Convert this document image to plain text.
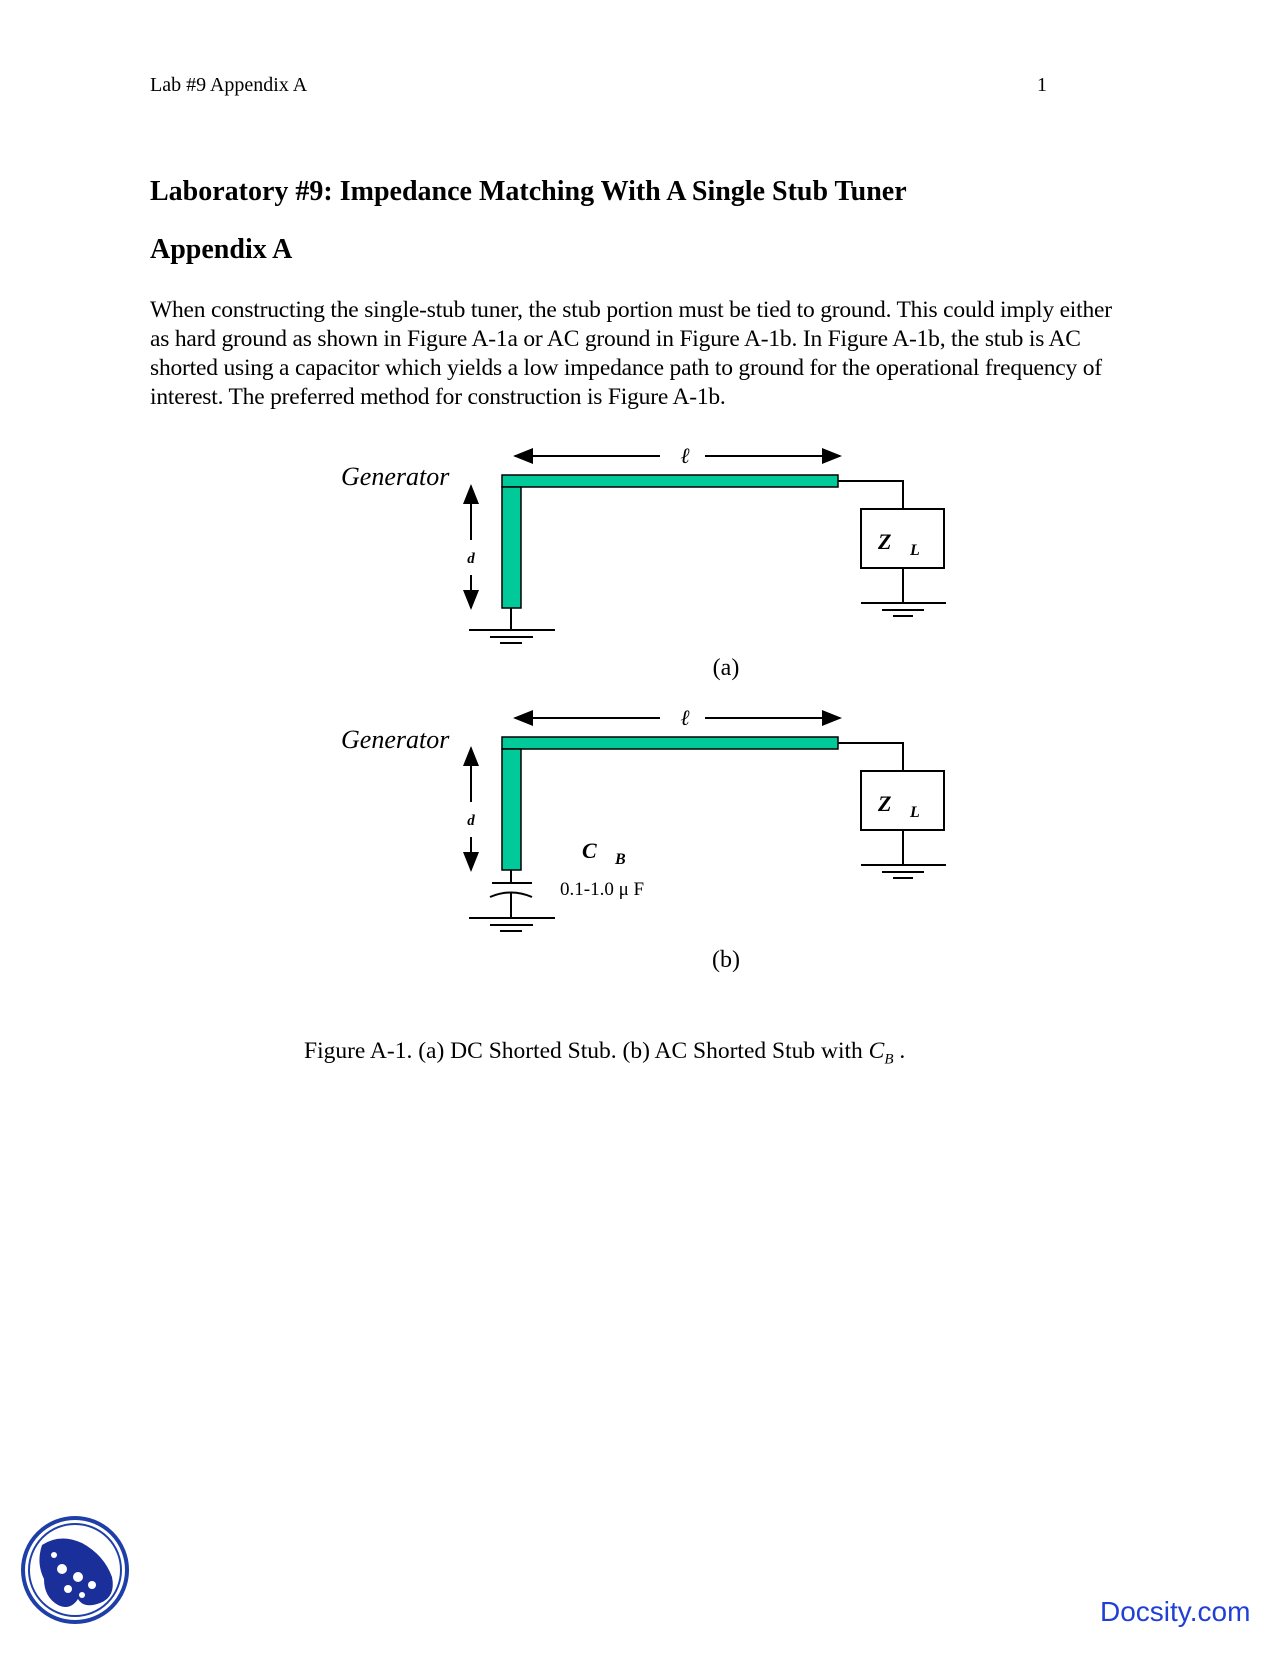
Lab #9 Appendix A	1
Laboratory #9: Impedance Matching With A Single Stub Tuner
Appendix A

When constructing the single-stub tuner, the stub portion must be tied to ground. This could imply either as hard ground as shown in Figure A-1a or AC ground in Figure A-1b. In Figure A-1b, the stub is AC shorted using a capacitor which yields a low impedance path to ground for the operational frequency of interest. The preferred method for construction is Figure A-1b.

Generator
ℓ
d
Z L
(a)
Generator
ℓ
d
C B
0.1-1.0 μ F
Z L
(b)
Figure A-1. (a) DC Shorted Stub. (b) AC Shorted Stub with $C_B$ .
Docsity.com
